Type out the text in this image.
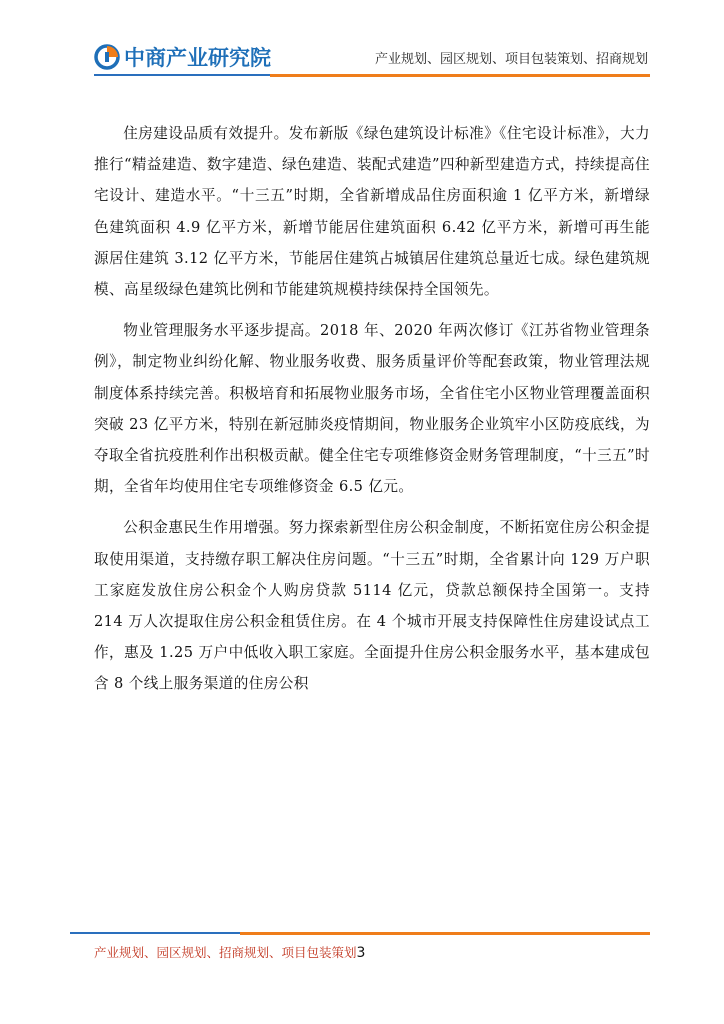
中商产业研究院	产业规划、园区规划、项目包装策划、招商规划

住房建设品质有效提升。发布新版《绿色建筑设计标准》《住宅设计标准》，大力推行“精益建造、数字建造、绿色建造、装配式建造”四种新型建造方式，持续提高住宅设计、建造水平。“十三五”时期，全省新增成品住房面积逾 1 亿平方米，新增绿色建筑面积 4.9 亿平方米，新增节能居住建筑面积 6.42 亿平方米，新增可再生能源居住建筑 3.12 亿平方米，节能居住建筑占城镇居住建筑总量近七成。绿色建筑规模、高星级绿色建筑比例和节能建筑规模持续保持全国领先。

物业管理服务水平逐步提高。2018 年、2020 年两次修订《江苏省物业管理条例》，制定物业纠纷化解、物业服务收费、服务质量评价等配套政策，物业管理法规制度体系持续完善。积极培育和拓展物业服务市场，全省住宅小区物业管理覆盖面积突破 23 亿平方米，特别在新冠肺炎疫情期间，物业服务企业筑牢小区防疫底线，为夺取全省抗疫胜利作出积极贡献。健全住宅专项维修资金财务管理制度，“十三五”时期，全省年均使用住宅专项维修资金 6.5 亿元。

公积金惠民生作用增强。努力探索新型住房公积金制度，不断拓宽住房公积金提取使用渠道，支持缴存职工解决住房问题。“十三五”时期，全省累计向 129 万户职工家庭发放住房公积金个人购房贷款 5114 亿元，贷款总额保持全国第一。支持 214 万人次提取住房公积金租赁住房。在 4 个城市开展支持保障性住房建设试点工作，惠及 1.25 万户中低收入职工家庭。全面提升住房公积金服务水平，基本建成包含 8 个线上服务渠道的住房公积

产业规划、园区规划、招商规划、项目包装策划3
